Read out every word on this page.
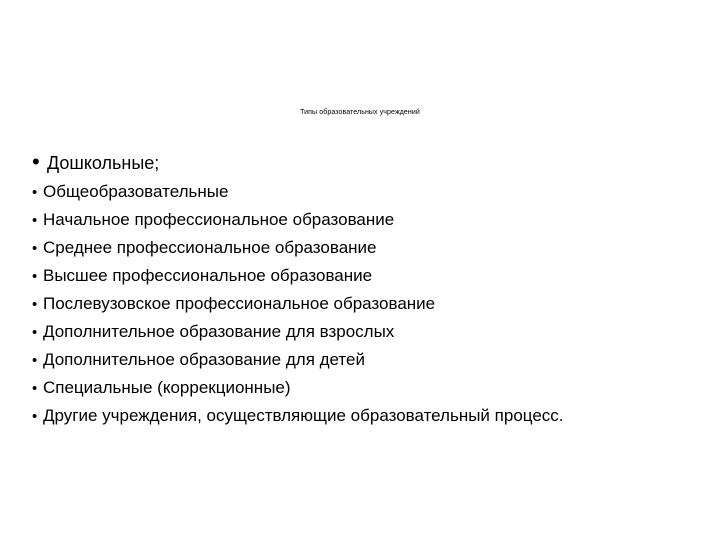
Типы образовательных учреждений
• Дошкольные;
• Общеобразовательные
• Начальное профессиональное образование
• Среднее профессиональное образование
• Высшее профессиональное образование
• Послевузовское профессиональное образование
• Дополнительное образование для взрослых
• Дополнительное образование для детей
• Специальные (коррекционные)
• Другие учреждения, осуществляющие образовательный процесс.
